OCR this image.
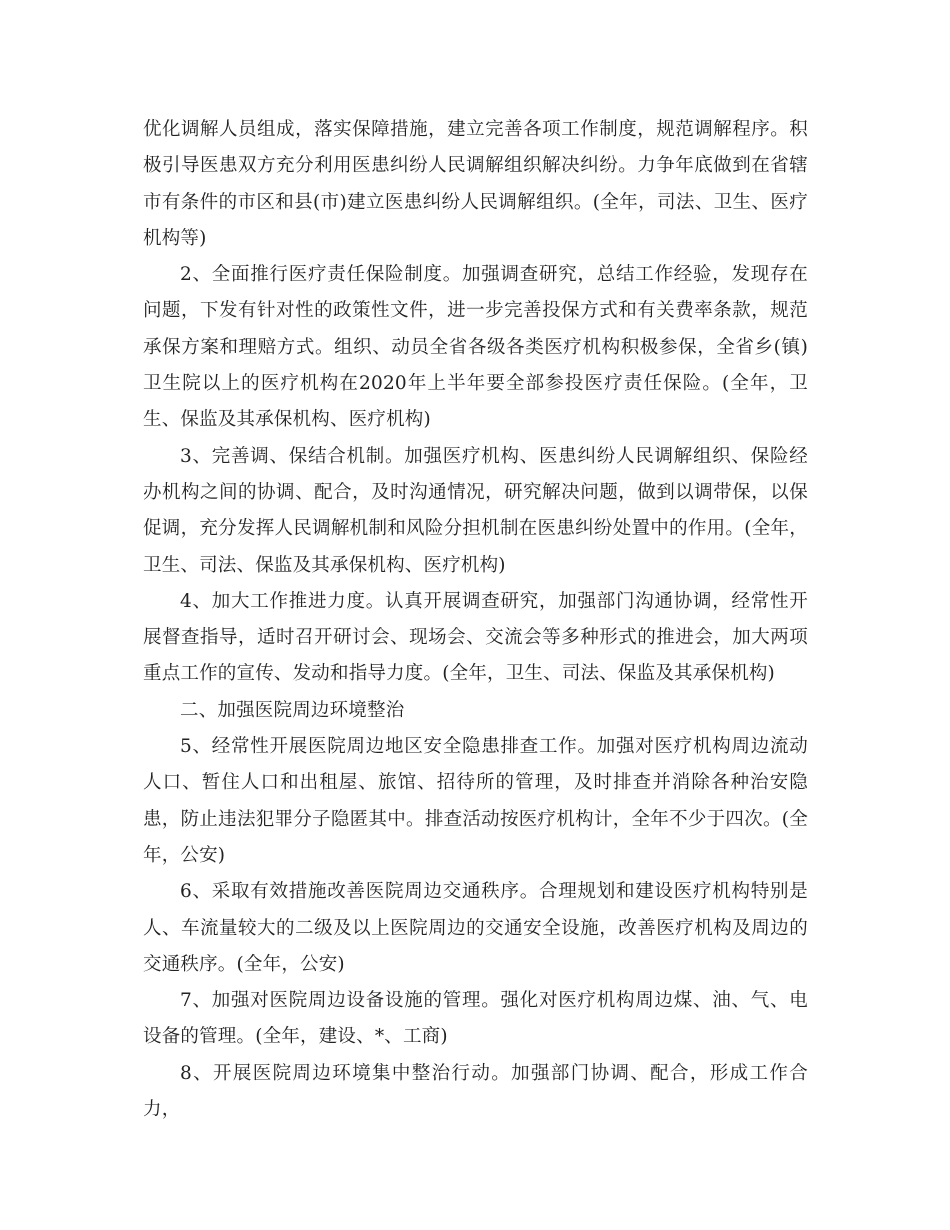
优化调解人员组成，落实保障措施，建立完善各项工作制度，规范调解程序。积极引导医患双方充分利用医患纠纷人民调解组织解决纠纷。力争年底做到在省辖市有条件的市区和县(市)建立医患纠纷人民调解组织。(全年，司法、卫生、医疗机构等)

2、全面推行医疗责任保险制度。加强调查研究，总结工作经验，发现存在问题，下发有针对性的政策性文件，进一步完善投保方式和有关费率条款，规范承保方案和理赔方式。组织、动员全省各级各类医疗机构积极参保，全省乡(镇)卫生院以上的医疗机构在2020年上半年要全部参投医疗责任保险。(全年，卫生、保监及其承保机构、医疗机构)

3、完善调、保结合机制。加强医疗机构、医患纠纷人民调解组织、保险经办机构之间的协调、配合，及时沟通情况，研究解决问题，做到以调带保，以保促调，充分发挥人民调解机制和风险分担机制在医患纠纷处置中的作用。(全年，卫生、司法、保监及其承保机构、医疗机构)

4、加大工作推进力度。认真开展调查研究，加强部门沟通协调，经常性开展督查指导，适时召开研讨会、现场会、交流会等多种形式的推进会，加大两项重点工作的宣传、发动和指导力度。(全年，卫生、司法、保监及其承保机构)

二、加强医院周边环境整治

5、经常性开展医院周边地区安全隐患排查工作。加强对医疗机构周边流动人口、暂住人口和出租屋、旅馆、招待所的管理，及时排查并消除各种治安隐患，防止违法犯罪分子隐匿其中。排查活动按医疗机构计，全年不少于四次。(全年，公安)

6、采取有效措施改善医院周边交通秩序。合理规划和建设医疗机构特别是人、车流量较大的二级及以上医院周边的交通安全设施，改善医疗机构及周边的交通秩序。(全年，公安)

7、加强对医院周边设备设施的管理。强化对医疗机构周边煤、油、气、电设备的管理。(全年，建设、*、工商)

8、开展医院周边环境集中整治行动。加强部门协调、配合，形成工作合力，
